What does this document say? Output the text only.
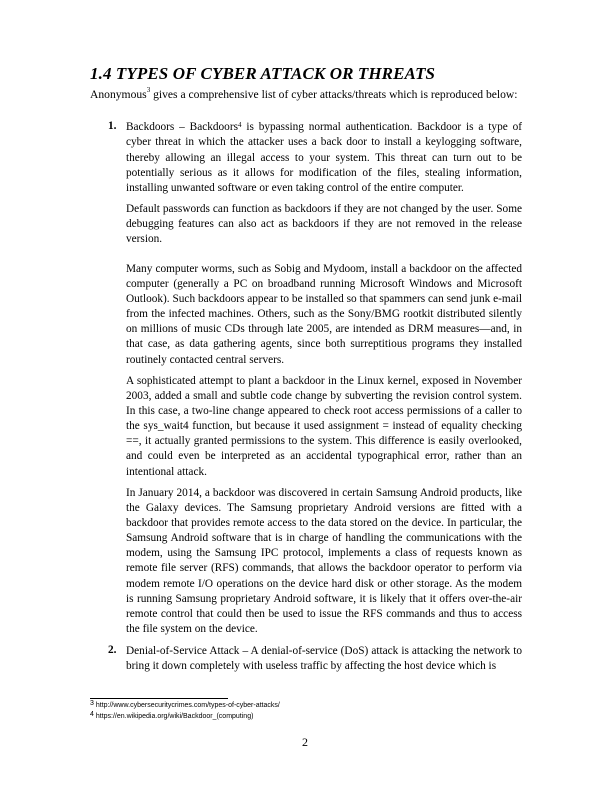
1.4 TYPES OF CYBER ATTACK OR THREATS
Anonymous$^3$ gives a comprehensive list of cyber attacks/threats which is reproduced below:
1. Backdoors – Backdoors$^4$ is bypassing normal authentication. Backdoor is a type of cyber threat in which the attacker uses a back door to install a keylogging software, thereby allowing an illegal access to your system. This threat can turn out to be potentially serious as it allows for modification of the files, stealing information, installing unwanted software or even taking control of the entire computer.
Default passwords can function as backdoors if they are not changed by the user. Some debugging features can also act as backdoors if they are not removed in the release version.
Many computer worms, such as Sobig and Mydoom, install a backdoor on the affected computer (generally a PC on broadband running Microsoft Windows and Microsoft Outlook). Such backdoors appear to be installed so that spammers can send junk e-mail from the infected machines. Others, such as the Sony/BMG rootkit distributed silently on millions of music CDs through late 2005, are intended as DRM measures—and, in that case, as data gathering agents, since both surreptitious programs they installed routinely contacted central servers.
A sophisticated attempt to plant a backdoor in the Linux kernel, exposed in November 2003, added a small and subtle code change by subverting the revision control system. In this case, a two-line change appeared to check root access permissions of a caller to the sys_wait4 function, but because it used assignment = instead of equality checking ==, it actually granted permissions to the system. This difference is easily overlooked, and could even be interpreted as an accidental typographical error, rather than an intentional attack.
In January 2014, a backdoor was discovered in certain Samsung Android products, like the Galaxy devices. The Samsung proprietary Android versions are fitted with a backdoor that provides remote access to the data stored on the device. In particular, the Samsung Android software that is in charge of handling the communications with the modem, using the Samsung IPC protocol, implements a class of requests known as remote file server (RFS) commands, that allows the backdoor operator to perform via modem remote I/O operations on the device hard disk or other storage. As the modem is running Samsung proprietary Android software, it is likely that it offers over-the-air remote control that could then be used to issue the RFS commands and thus to access the file system on the device.
2. Denial-of-Service Attack – A denial-of-service (DoS) attack is attacking the network to bring it down completely with useless traffic by affecting the host device which is
$^3$ http://www.cybersecuritycrimes.com/types-of-cyber-attacks/
$^4$ https://en.wikipedia.org/wiki/Backdoor_(computing)
2
